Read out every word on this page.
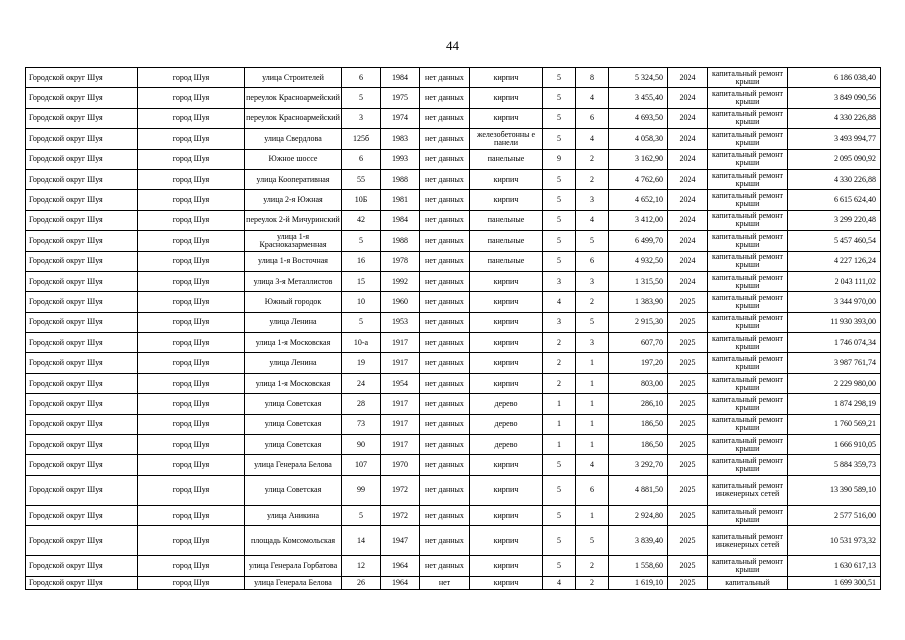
44
Городской округ Шуя	город Шуя	улица Строителей	6	1984	нет данных	кирпич	5	8	5 324,50	2024	капитальный ремонт крыши	6 186 038,40
Городской округ Шуя	город Шуя	переулок Красноармейский	5	1975	нет данных	кирпич	5	4	3 455,40	2024	капитальный ремонт крыши	3 849 090,56
Городской округ Шуя	город Шуя	переулок Красноармейский	3	1974	нет данных	кирпич	5	6	4 693,50	2024	капитальный ремонт крыши	4 330 226,88
Городской округ Шуя	город Шуя	улица Свердлова	125б	1983	нет данных	железобетонны е панели	5	4	4 058,30	2024	капитальный ремонт крыши	3 493 994,77
Городской округ Шуя	город Шуя	Южное шоссе	6	1993	нет данных	панельные	9	2	3 162,90	2024	капитальный ремонт крыши	2 095 090,92
Городской округ Шуя	город Шуя	улица Кооперативная	55	1988	нет данных	кирпич	5	2	4 762,60	2024	капитальный ремонт крыши	4 330 226,88
Городской округ Шуя	город Шуя	улица 2-я Южная	10Б	1981	нет данных	кирпич	5	3	4 652,10	2024	капитальный ремонт крыши	6 615 624,40
Городской округ Шуя	город Шуя	переулок 2-й Мичуринский	42	1984	нет данных	панельные	5	4	3 412,00	2024	капитальный ремонт крыши	3 299 220,48
Городской округ Шуя	город Шуя	улица 1-я Красноказарменная	5	1988	нет данных	панельные	5	5	6 499,70	2024	капитальный ремонт крыши	5 457 460,54
Городской округ Шуя	город Шуя	улица 1-я Восточная	16	1978	нет данных	панельные	5	6	4 932,50	2024	капитальный ремонт крыши	4 227 126,24
Городской округ Шуя	город Шуя	улица 3-я Металлистов	15	1992	нет данных	кирпич	3	3	1 315,50	2024	капитальный ремонт крыши	2 043 111,02
Городской округ Шуя	город Шуя	Южный городок	10	1960	нет данных	кирпич	4	2	1 383,90	2025	капитальный ремонт крыши	3 344 970,00
Городской округ Шуя	город Шуя	улица Ленина	5	1953	нет данных	кирпич	3	5	2 915,30	2025	капитальный ремонт крыши	11 930 393,00
Городской округ Шуя	город Шуя	улица 1-я Московская	10-а	1917	нет данных	кирпич	2	3	607,70	2025	капитальный ремонт крыши	1 746 074,34
Городской округ Шуя	город Шуя	улица Ленина	19	1917	нет данных	кирпич	2	1	197,20	2025	капитальный ремонт крыши	3 987 761,74
Городской округ Шуя	город Шуя	улица 1-я Московская	24	1954	нет данных	кирпич	2	1	803,00	2025	капитальный ремонт крыши	2 229 980,00
Городской округ Шуя	город Шуя	улица Советская	28	1917	нет данных	дерево	1	1	286,10	2025	капитальный ремонт крыши	1 874 298,19
Городской округ Шуя	город Шуя	улица Советская	73	1917	нет данных	дерево	1	1	186,50	2025	капитальный ремонт крыши	1 760 569,21
Городской округ Шуя	город Шуя	улица Советская	90	1917	нет данных	дерево	1	1	186,50	2025	капитальный ремонт крыши	1 666 910,05
Городской округ Шуя	город Шуя	улица Генерала Белова	107	1970	нет данных	кирпич	5	4	3 292,70	2025	капитальный ремонт крыши	5 884 359,73
Городской округ Шуя	город Шуя	улица Советская	99	1972	нет данных	кирпич	5	6	4 881,50	2025	капитальный ремонт инженерных сетей	13 390 589,10
Городской округ Шуя	город Шуя	улица Аникина	5	1972	нет данных	кирпич	5	1	2 924,80	2025	капитальный ремонт крыши	2 577 516,00
Городской округ Шуя	город Шуя	площадь Комсомольская	14	1947	нет данных	кирпич	5	5	3 839,40	2025	капитальный ремонт инженерных сетей	10 531 973,32
Городской округ Шуя	город Шуя	улица Генерала Горбатова	12	1964	нет данных	кирпич	5	2	1 558,60	2025	капитальный ремонт крыши	1 630 617,13
Городской округ Шуя	город Шуя	улица Генерала Белова	26	1964	нет	кирпич	4	2	1 619,10	2025	капитальный	1 699 300,51
